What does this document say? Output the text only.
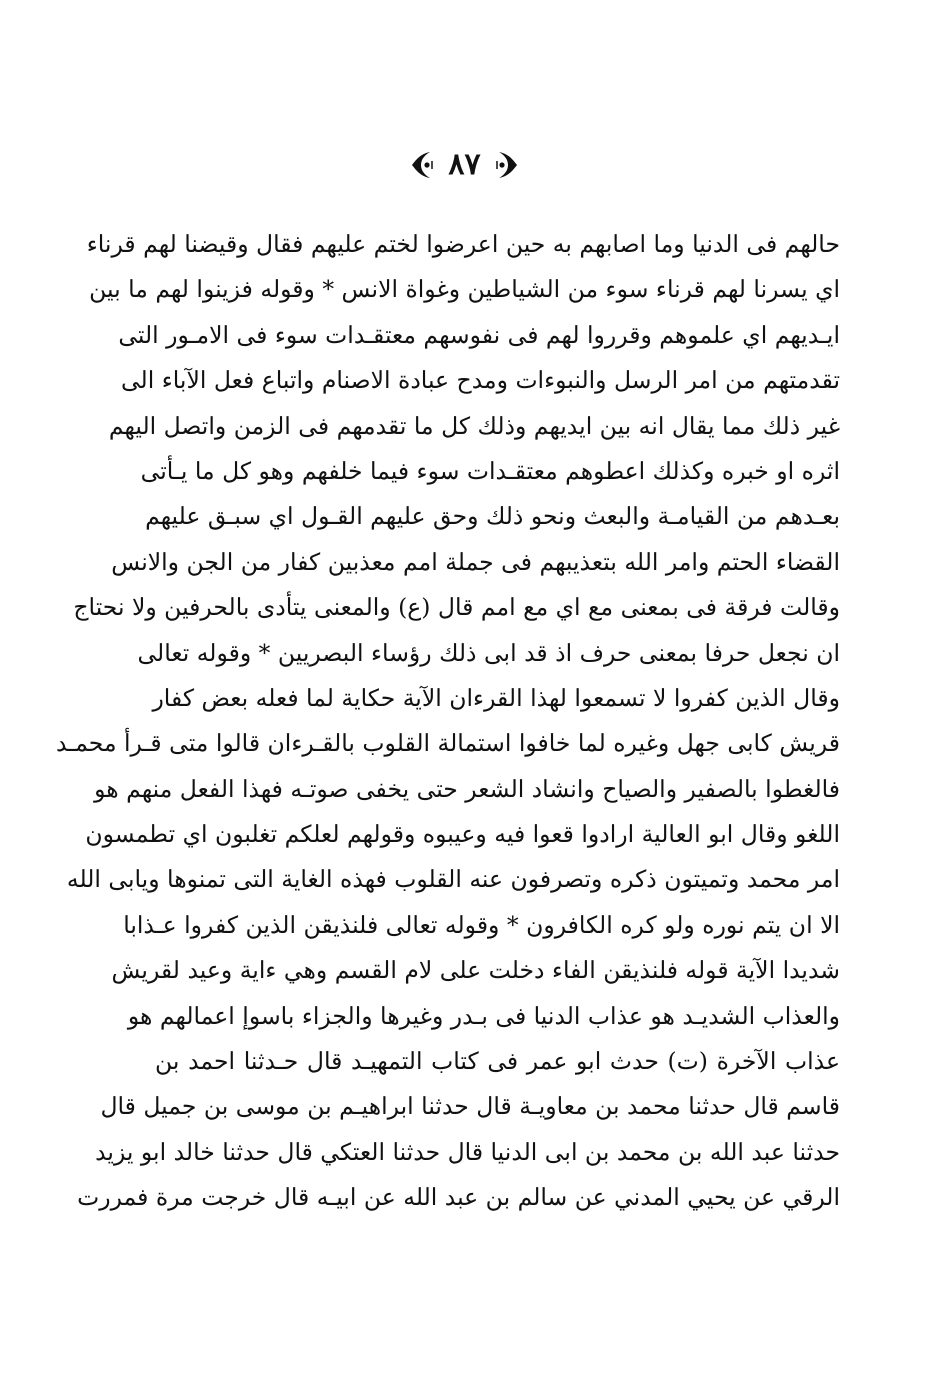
٨٧
حالهم فى الدنيا وما اصابهم به حين اعرضوا لختم عليهم فقال وقيضنا لهم قرناء
اي يسرنا لهم قرناء سوء من الشياطين وغواة الانس * وقوله فزينوا لهم ما بين
ايـديهم اي علموهم وقرروا لهم فى نفوسهم معتقـدات سوء فى الامـور التى
تقدمتهم من امر الرسل والنبوءات ومدح عبادة الاصنام واتباع فعل الآباء الى
غير ذلك مما يقال انه بين ايديهم وذلك كل ما تقدمهم فى الزمن واتصل اليهم
اثره او خبره وكذلك اعطوهم معتقـدات سوء فيما خلفهم وهو كل ما يـأتى
بعـدهم من القيامـة والبعث ونحو ذلك وحق عليهم القـول اي سبـق عليهم
القضاء الحتم وامر الله بتعذيبهم فى جملة امم معذبين كفار من الجن والانس
وقالت فرقة فى بمعنى مع اي مع امم قال (ع) والمعنى يتأدى بالحرفين ولا نحتاج
ان نجعل حرفا بمعنى حرف اذ قد ابى ذلك رؤساء البصريين * وقوله تعالى
وقال الذين كفروا لا تسمعوا لهذا القرءان الآية حكاية لما فعله بعض كفار
قريش كابى جهل وغيره لما خافوا استمالة القلوب بالقـرءان قالوا متى قـرأ محمـد
فالغطوا بالصفير والصياح وانشاد الشعر حتى يخفى صوتـه فهذا الفعل منهم هو
اللغو وقال ابو العالية ارادوا قعوا فيه وعيبوه وقولهم لعلكم تغلبون اي تطمسون
امر محمد وتميتون ذكره وتصرفون عنه القلوب فهذه الغاية التى تمنوها ويابى الله
الا ان يتم نوره ولو كره الكافرون * وقوله تعالى فلنذيقن الذين كفروا عـذابا
شديدا الآية قوله فلنذيقن الفاء دخلت على لام القسم وهي ءاية وعيد لقريش
والعذاب الشديـد هو عذاب الدنيا فى بـدر وغيرها والجزاء باسوإ اعمالهم هو
عذاب الآخرة (ت) حدث ابو عمر فى كتاب التمهيـد قال حـدثنا احمد بن
قاسم قال حدثنا محمد بن معاويـة قال حدثنا ابراهيـم بن موسى بن جميل قال
حدثنا عبد الله بن محمد بن ابى الدنيا قال حدثنا العتكي قال حدثنا خالد ابو يزيد
الرقي عن يحيي المدني عن سالم بن عبد الله عن ابيـه قال خرجت مرة فمررت
